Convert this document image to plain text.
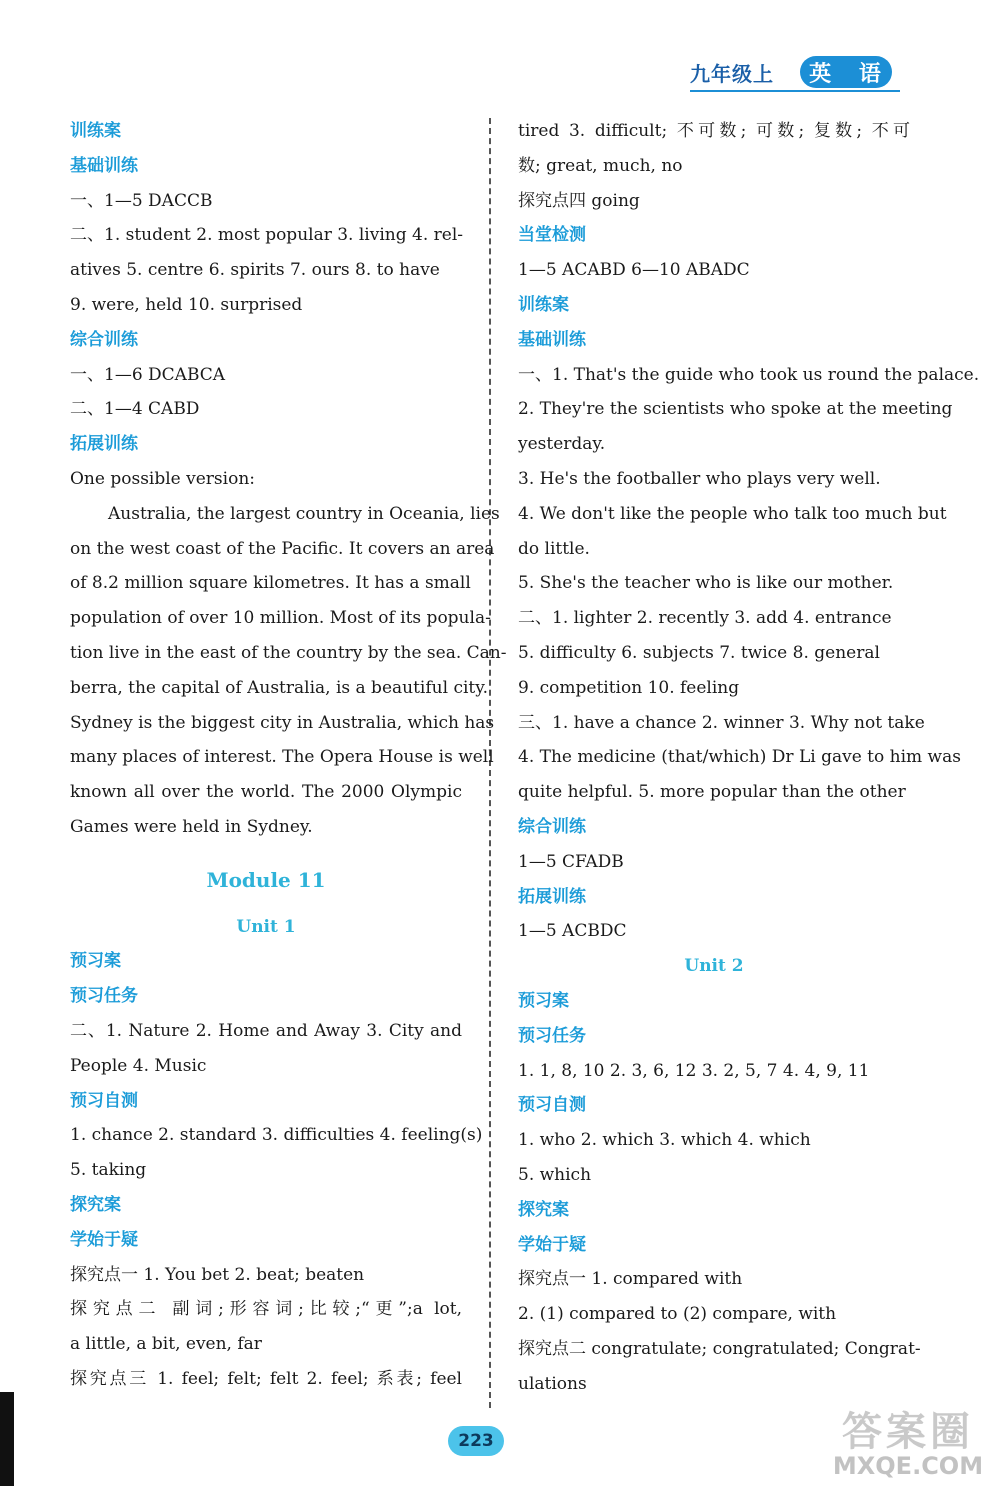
九年级上	英 语
训练案
基础训练
一、1—5 DACCB
二、1. student 2. most popular 3. living 4. rel-
atives 5. centre 6. spirits 7. ours 8. to have
9. were, held 10. surprised
综合训练
一、1—6 DCABCA
二、1—4 CABD
拓展训练
One possible version:
Australia, the largest country in Oceania, lies
on the west coast of the Pacific. It covers an area
of 8.2 million square kilometres. It has a small
population of over 10 million. Most of its popula-
tion live in the east of the country by the sea. Can-
berra, the capital of Australia, is a beautiful city.
Sydney is the biggest city in Australia, which has
many places of interest. The Opera House is well
known all over the world. The 2000 Olympic
Games were held in Sydney.
Module 11
Unit 1
预习案
预习任务
二、1. Nature 2. Home and Away 3. City and
People 4. Music
预习自测
1. chance 2. standard 3. difficulties 4. feeling(s)
5. taking
探究案
学始于疑
探究点一 1. You bet 2. beat; beaten
探究点二 副词;形容词;比较;“更”;a lot,
a little, a bit, even, far
探究点三 1. feel; felt; felt 2. feel; 系表; feel
tired 3. difficult; 不可数; 可数; 复数; 不可
数; great, much, no
探究点四 going
当堂检测
1—5 ACABD 6—10 ABADC
训练案
基础训练
一、1. That's the guide who took us round the palace.
2. They're the scientists who spoke at the meeting
yesterday.
3. He's the footballer who plays very well.
4. We don't like the people who talk too much but
do little.
5. She's the teacher who is like our mother.
二、1. lighter 2. recently 3. add 4. entrance
5. difficulty 6. subjects 7. twice 8. general
9. competition 10. feeling
三、1. have a chance 2. winner 3. Why not take
4. The medicine (that/which) Dr Li gave to him was
quite helpful. 5. more popular than the other
综合训练
1—5 CFADB
拓展训练
1—5 ACBDC
Unit 2
预习案
预习任务
1. 1, 8, 10 2. 3, 6, 12 3. 2, 5, 7 4. 4, 9, 11
预习自测
1. who 2. which 3. which 4. which
5. which
探究案
学始于疑
探究点一 1. compared with
2. (1) compared to (2) compare, with
探究点二 congratulate; congratulated; Congrat-
ulations
223	答案圈
MXQE.COM
